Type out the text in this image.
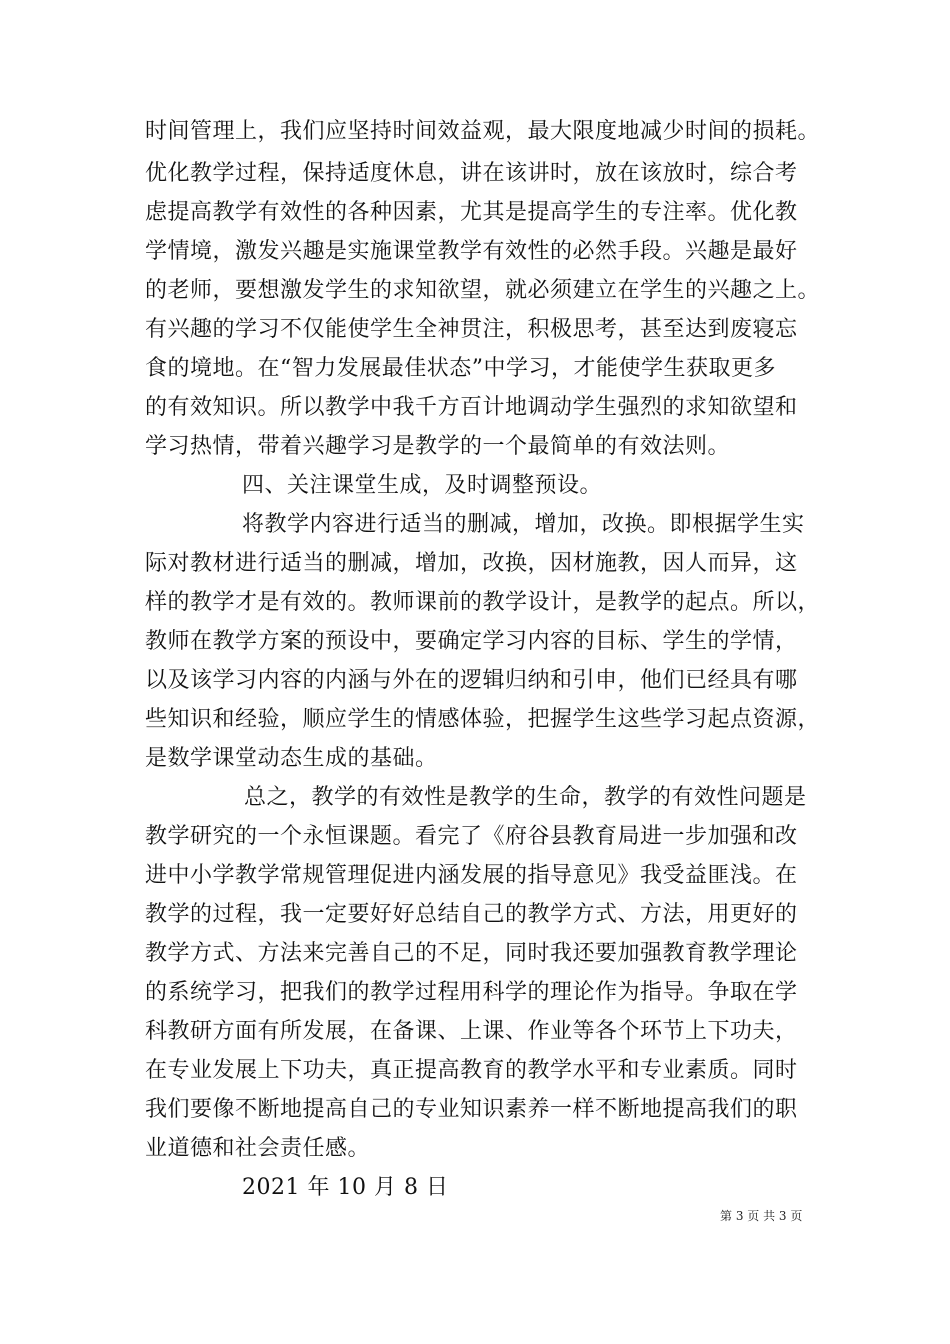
时间管理上，我们应坚持时间效益观，最大限度地减少时间的损耗。
优化教学过程，保持适度休息，讲在该讲时，放在该放时，综合考
虑提高教学有效性的各种因素，尤其是提高学生的专注率。优化教
学情境，激发兴趣是实施课堂教学有效性的必然手段。兴趣是最好
的老师，要想激发学生的求知欲望，就必须建立在学生的兴趣之上。
有兴趣的学习不仅能使学生全神贯注，积极思考，甚至达到废寝忘
食的境地。在“智力发展最佳状态”中学习，才能使学生获取更多
的有效知识。所以教学中我千方百计地调动学生强烈的求知欲望和
学习热情，带着兴趣学习是教学的一个最简单的有效法则。
四、关注课堂生成，及时调整预设。
将教学内容进行适当的删减，增加，改换。即根据学生实
际对教材进行适当的删减，增加，改换，因材施教，因人而异，这
样的教学才是有效的。教师课前的教学设计，是教学的起点。所以，
教师在教学方案的预设中，要确定学习内容的目标、学生的学情，
以及该学习内容的内涵与外在的逻辑归纳和引申，他们已经具有哪
些知识和经验，顺应学生的情感体验，把握学生这些学习起点资源，
是数学课堂动态生成的基础。
总之，教学的有效性是教学的生命，教学的有效性问题是
教学研究的一个永恒课题。看完了《府谷县教育局进一步加强和改
进中小学教学常规管理促进内涵发展的指导意见》我受益匪浅。在
教学的过程，我一定要好好总结自己的教学方式、方法，用更好的
教学方式、方法来完善自己的不足，同时我还要加强教育教学理论
的系统学习，把我们的教学过程用科学的理论作为指导。争取在学
科教研方面有所发展，在备课、上课、作业等各个环节上下功夫，
在专业发展上下功夫，真正提高教育的教学水平和专业素质。同时
我们要像不断地提高自己的专业知识素养一样不断地提高我们的职
业道德和社会责任感。
2021 年 10 月 8 日
第 3 页 共 3 页
